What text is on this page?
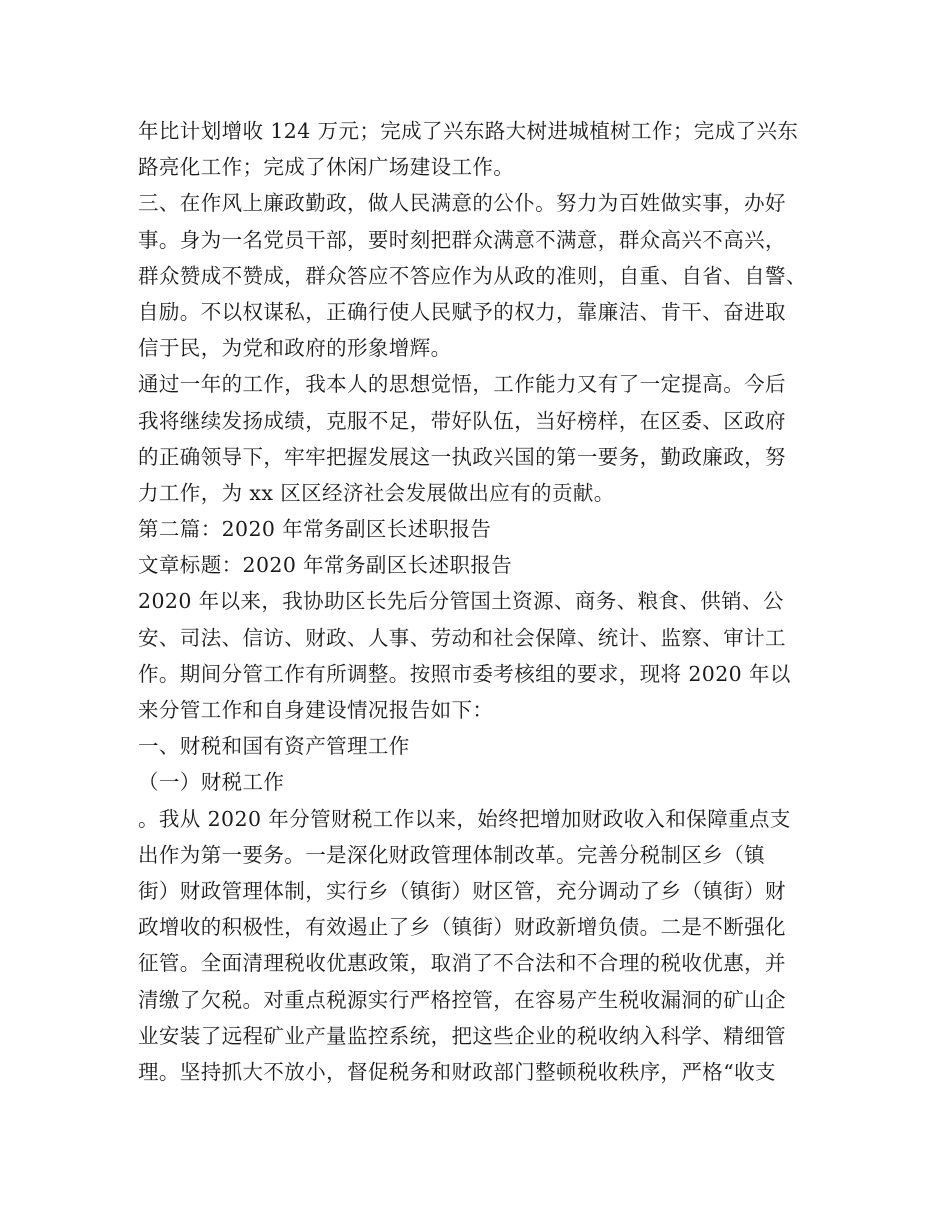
年比计划增收 124 万元；完成了兴东路大树进城植树工作；完成了兴东
路亮化工作；完成了休闲广场建设工作。
三、在作风上廉政勤政，做人民满意的公仆。努力为百姓做实事，办好
事。身为一名党员干部，要时刻把群众满意不满意，群众高兴不高兴，
群众赞成不赞成，群众答应不答应作为从政的准则，自重、自省、自警、
自励。不以权谋私，正确行使人民赋予的权力，靠廉洁、肯干、奋进取
信于民，为党和政府的形象增辉。
通过一年的工作，我本人的思想觉悟，工作能力又有了一定提高。今后
我将继续发扬成绩，克服不足，带好队伍，当好榜样，在区委、区政府
的正确领导下，牢牢把握发展这一执政兴国的第一要务，勤政廉政，努
力工作，为 xx 区区经济社会发展做出应有的贡献。
第二篇：2020 年常务副区长述职报告
文章标题：2020 年常务副区长述职报告
2020 年以来，我协助区长先后分管国土资源、商务、粮食、供销、公
安、司法、信访、财政、人事、劳动和社会保障、统计、监察、审计工
作。期间分管工作有所调整。按照市委考核组的要求，现将 2020 年以
来分管工作和自身建设情况报告如下：
一、财税和国有资产管理工作
（一）财税工作
。我从 2020 年分管财税工作以来，始终把增加财政收入和保障重点支
出作为第一要务。一是深化财政管理体制改革。完善分税制区乡（镇
街）财政管理体制，实行乡（镇街）财区管，充分调动了乡（镇街）财
政增收的积极性，有效遏止了乡（镇街）财政新增负债。二是不断强化
征管。全面清理税收优惠政策，取消了不合法和不合理的税收优惠，并
清缴了欠税。对重点税源实行严格控管，在容易产生税收漏洞的矿山企
业安装了远程矿业产量监控系统，把这些企业的税收纳入科学、精细管
理。坚持抓大不放小，督促税务和财政部门整顿税收秩序，严格“收支
